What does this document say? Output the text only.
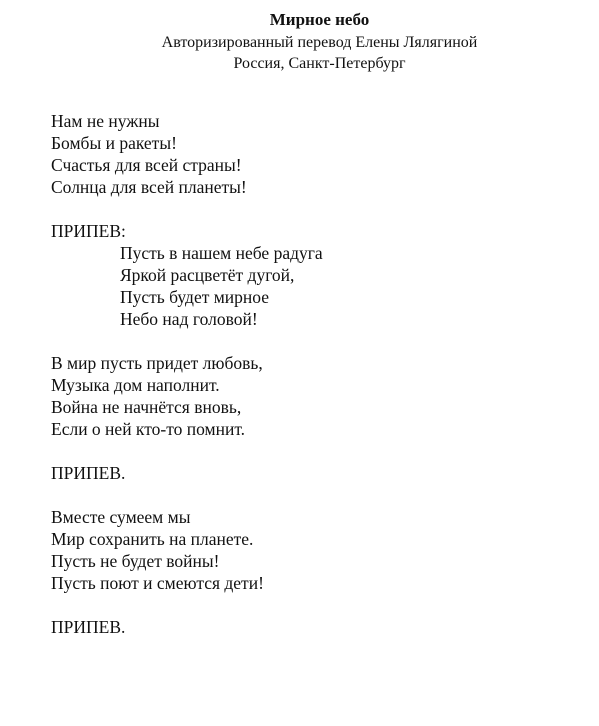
Мирное небо
Авторизированный перевод Елены Лялягиной
Россия, Санкт-Петербург
Нам не нужны
Бомбы и ракеты!
Счастья для всей страны!
Солнца для всей планеты!
ПРИПЕВ:
Пусть в нашем небе радуга
Яркой расцветёт дугой,
Пусть будет мирное
Небо над головой!
В мир пусть придет любовь,
Музыка дом наполнит.
Война не начнётся вновь,
Если о ней кто-то помнит.
ПРИПЕВ.
Вместе сумеем мы
Мир сохранить на планете.
Пусть не будет войны!
Пусть поют и смеются дети!
ПРИПЕВ.
